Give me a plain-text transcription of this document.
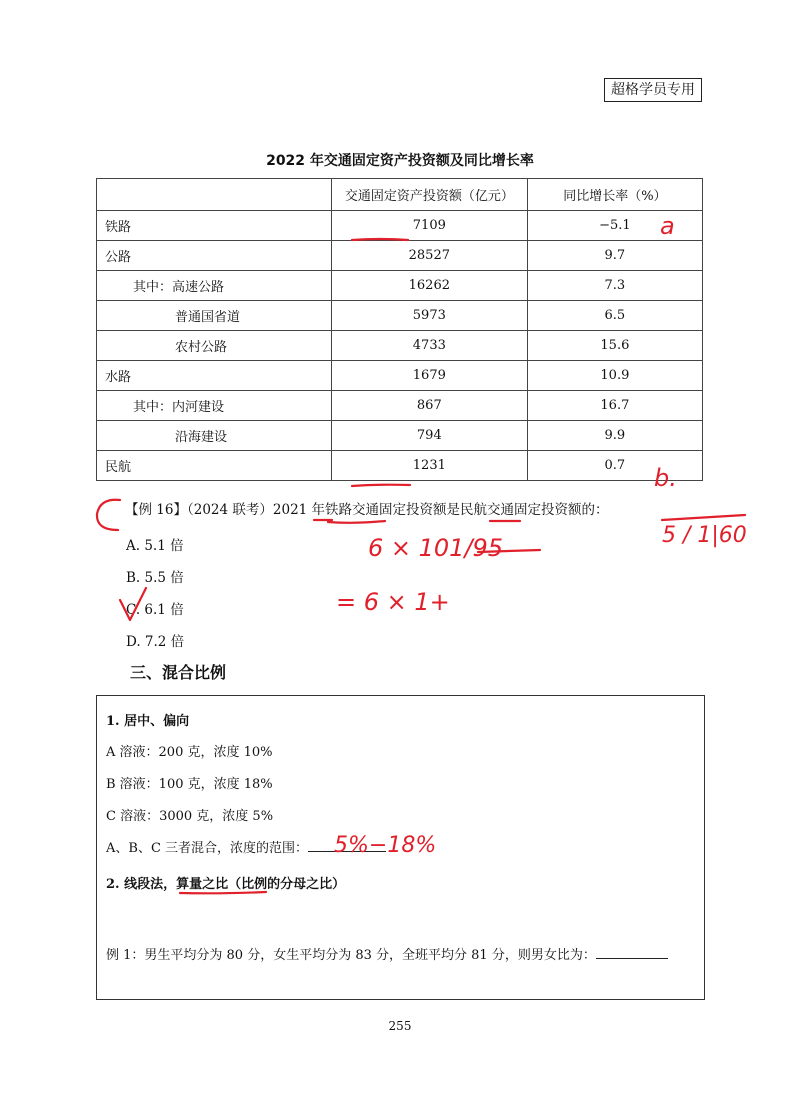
超格学员专用
2022 年交通固定资产投资额及同比增长率
	交通固定资产投资额（亿元）	同比增长率（%）
铁路	7109	−5.1
公路	28527	9.7
其中：高速公路	16262	7.3
普通国省道	5973	6.5
农村公路	4733	15.6
水路	1679	10.9
其中：内河建设	867	16.7
沿海建设	794	9.9
民航	1231	0.7
【例 16】（2024 联考）2021 年铁路交通固定投资额是民航交通固定投资额的：
A. 5.1 倍
B. 5.5 倍
C. 6.1 倍
D. 7.2 倍
三、混合比例
1. 居中、偏向
A 溶液：200 克，浓度 10%
B 溶液：100 克，浓度 18%
C 溶液：3000 克，浓度 5%
A、B、C 三者混合，浓度的范围：
2. 线段法，算量之比（比例的分母之比）
例 1：男生平均分为 80 分，女生平均分为 83 分，全班平均分 81 分，则男女比为：
255
a
b.
6 × 101/95
= 6 × 1+
5 / 1|60
5%−18%
